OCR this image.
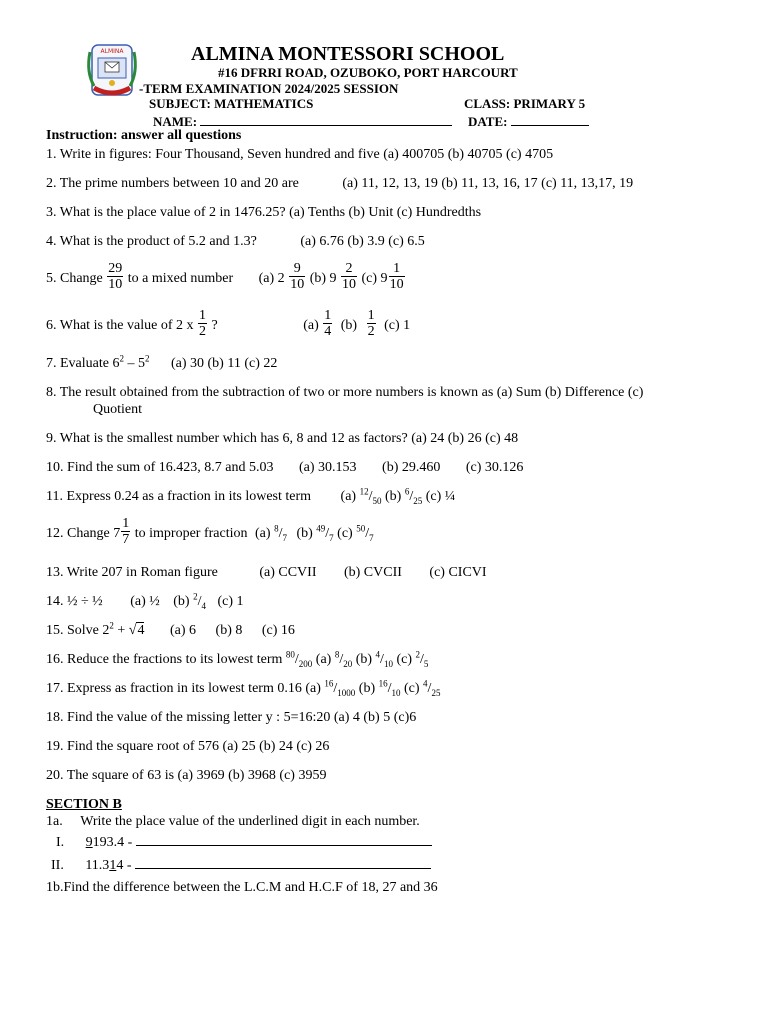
ALMINA	ALMINA MONTESSORI SCHOOL
#16 DFRRI ROAD, OZUBOKO, PORT HARCOURT
-TERM EXAMINATION 2024/2025 SESSION
SUBJECT: MATHEMATICS	CLASS: PRIMARY 5
NAME:	DATE:
Instruction: answer all questions
1. Write in figures: Four Thousand, Seven hundred and five (a) 400705 (b) 40705 (c) 4705
2. The prime numbers between 10 and 20 are	(a) 11, 12, 13, 19 (b) 11, 13, 16, 17 (c) 11, 13,17, 19
3. What is the place value of 2 in 1476.25? (a) Tenths (b) Unit (c) Hundredths
4. What is the product of 5.2 and 1.3?	(a) 6.76 (b) 3.9 (c) 6.5
5. Change $\frac{29}{10}$ to a mixed number (a) $2 \frac{9}{10} (b)$ $9 \frac{2}{10} (c)$ $9 \frac{1}{10}$
6. What is the value of 2 x $\frac{1}{2}$ ?	$(a) \frac{1}{4} (b) \frac{1}{2} (c)$ 1
7. Evaluate $6^2 - 5^2$ (a) 30 (b) 11 (c) 22
8. The result obtained from the subtraction of two or more numbers is known as (a) Sum (b) Difference (c)
Quotient
9. What is the smallest number which has 6, 8 and 12 as factors? (a) 24 (b) 26 (c) 48
10. Find the sum of 16.423, 8.7 and 5.03 (a) 30.153 (b) 29.460 (c) 30.126
11. Express 0.24 as a fraction in its lowest term (a) $^{12}/_{50}$ (b) $^6/_{25}$ (c) ¼
12. Change $7 \frac{1}{7}$ to improper fraction (a) $^8/_7$ (b) $^{49}/_7$ (c) $^{50}/_7$
13. Write 207 in Roman figure	(a) CCVII (b) CVCII (c) CICVI
14. ½ ÷ ½ (a) ½ (b) $^2/_4$ (c) 1
15. Solve $2^2 + √4$ (a) 6 (b) 8 (c) 16
16. Reduce the fractions to its lowest term $^{80}/_{200}$ (a) $^8/_{20}$ (b) $^4/_{10}$ (c) $^2/_5$
17. Express as fraction in its lowest term 0.16 (a) $^{16}/_{1000}$ (b) $^{16}/_{10}$ (c) $^4/_{25}$
18. Find the value of the missing letter y : 5=16:20 (a) 4 (b) 5 (c)6
19. Find the square root of 576 (a) 25 (b) 24 (c) 26
20. The square of 63 is (a) 3969 (b) 3968 (c) 3959
SECTION B
1a. Write the place value of the underlined digit in each number.
I. 9193.4 -
II. 11.314 -
1b.Find the difference between the L.C.M and H.C.F of 18, 27 and 36
